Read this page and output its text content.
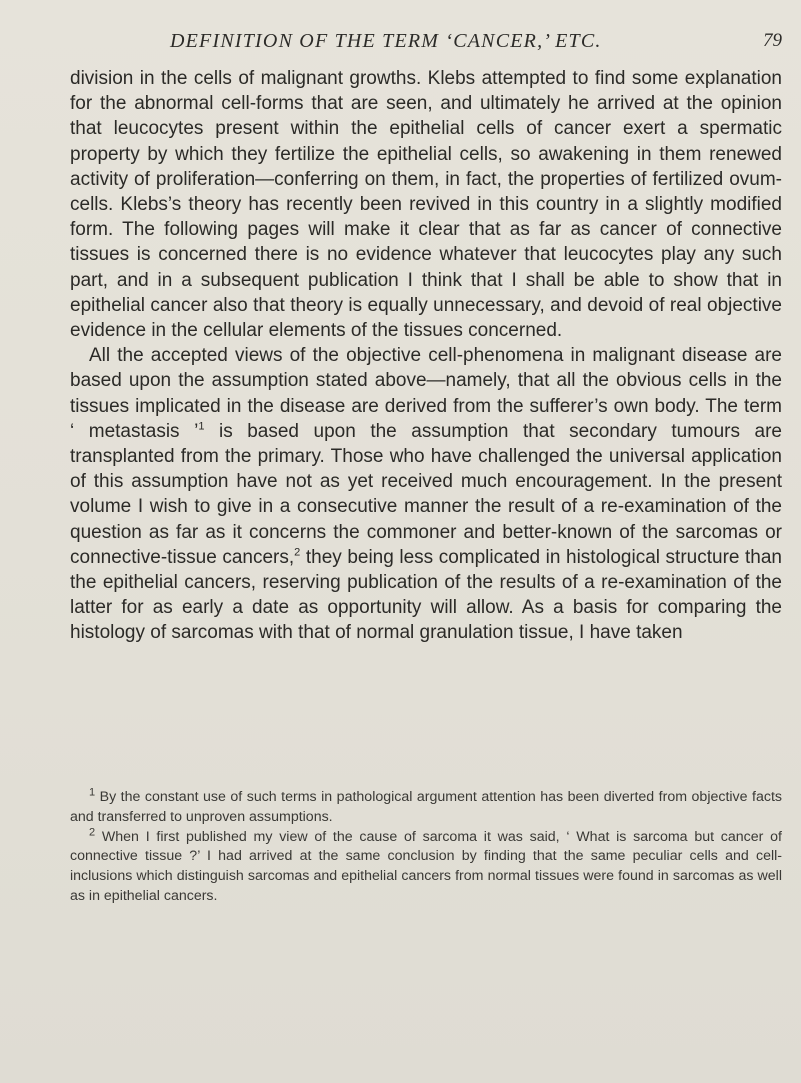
DEFINITION OF THE TERM ‘CANCER,’ ETC.	79

division in the cells of malignant growths. Klebs attempted to find some explanation for the abnormal cell-forms that are seen, and ultimately he arrived at the opinion that leucocytes present within the epithelial cells of cancer exert a spermatic property by which they fertilize the epithelial cells, so awakening in them renewed activity of proliferation—conferring on them, in fact, the properties of fertilized ovum-cells. Klebs’s theory has recently been revived in this country in a slightly modified form. The following pages will make it clear that as far as cancer of connective tissues is concerned there is no evidence whatever that leucocytes play any such part, and in a subsequent publication I think that I shall be able to show that in epithelial cancer also that theory is equally unnecessary, and devoid of real objective evidence in the cellular elements of the tissues concerned.

All the accepted views of the objective cell-phenomena in malignant disease are based upon the assumption stated above—namely, that all the obvious cells in the tissues implicated in the disease are derived from the sufferer’s own body. The term ‘ metastasis ’$^1$ is based upon the assumption that secondary tumours are transplanted from the primary. Those who have challenged the universal application of this assumption have not as yet received much encouragement. In the present volume I wish to give in a consecutive manner the result of a re-examination of the question as far as it concerns the commoner and better-known of the sarcomas or connective-tissue cancers,$^2$ they being less complicated in histological structure than the epithelial cancers, reserving publication of the results of a re-examination of the latter for as early a date as opportunity will allow. As a basis for comparing the histology of sarcomas with that of normal granulation tissue, I have taken

$^1$ By the constant use of such terms in pathological argument attention has been diverted from objective facts and transferred to unproven assumptions.

$^2$ When I first published my view of the cause of sarcoma it was said, ‘ What is sarcoma but cancer of connective tissue ?’ I had arrived at the same conclusion by finding that the same peculiar cells and cell-inclusions which distinguish sarcomas and epithelial cancers from normal tissues were found in sarcomas as well as in epithelial cancers.
